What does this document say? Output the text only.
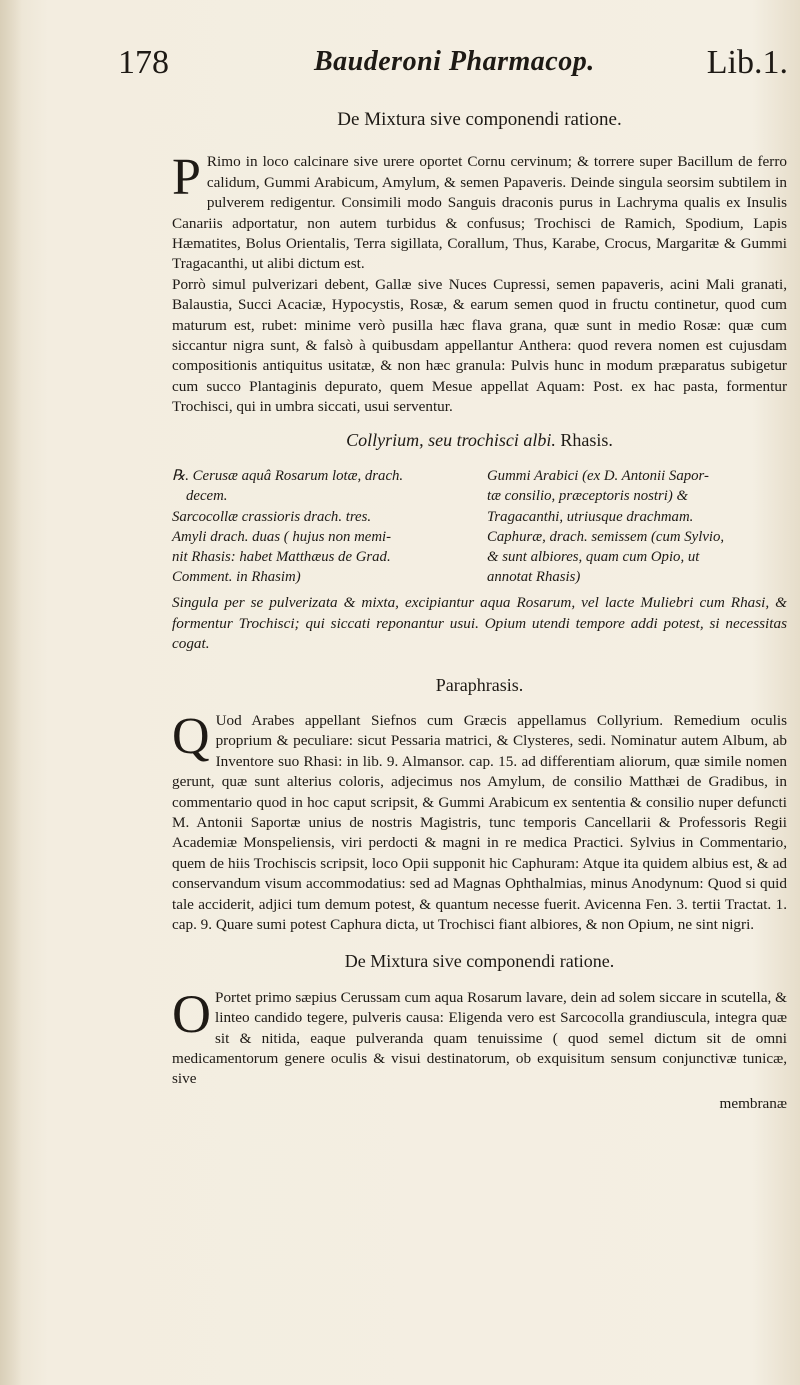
178	Bauderoni Pharmacop.	Lib.1.
De Mixtura sive componendi ratione.

P Rimo in loco calcinare sive urere oportet Cornu cervinum; & torrere super Bacillum de ferro calidum, Gummi Arabicum, Amylum, & semen Papaveris. Deinde singula seorsim subtilem in pulverem redigentur. Consimili modo Sanguis draconis purus in Lachryma qualis ex Insulis Canariis adportatur, non autem turbidus & confusus; Trochisci de Ramich, Spodium, Lapis Hæmatites, Bolus Orientalis, Terra sigillata, Corallum, Thus, Karabe, Crocus, Margaritæ & Gummi Tragacanthi, ut alibi dictum est.

Porrò simul pulverizari debent, Gallæ sive Nuces Cupressi, semen papaveris, acini Mali granati, Balaustia, Succi Acaciæ, Hypocystis, Rosæ, & earum semen quod in fructu continetur, quod cum maturum est, rubet: minime verò pusilla hæc flava grana, quæ sunt in medio Rosæ: quæ cum siccantur nigra sunt, & falsò à quibusdam appellantur Anthera: quod revera nomen est cujusdam compositionis antiquitus usitatæ, & non hæc granula: Pulvis hunc in modum præparatus subigetur cum succo Plantaginis depurato, quem Mesue appellat Aquam: Post. ex hac pasta, formentur Trochisci, qui in umbra siccati, usui serventur.

Collyrium, seu trochisci albi. Rhasis.
℞. Cerusæ aquâ Rosarum lotæ, drach.
decem.
Sarcocollæ crassioris drach. tres.
Amyli drach. duas ( hujus non memi-
nit Rhasis: habet Matthæus de Grad.
Comment. in Rhasim)
Gummi Arabici (ex D. Antonii Sapor-
tæ consilio, præceptoris nostri) &
Tragacanthi, utriusque drachmam.
Caphuræ, drach. semissem (cum Sylvio,
& sunt albiores, quam cum Opio, ut
annotat Rhasis)

Singula per se pulverizata & mixta, excipiantur aqua Rosarum, vel lacte Muliebri cum Rhasi, & formentur Trochisci; qui siccati reponantur usui. Opium utendi tempore addi potest, si necessitas cogat.

Paraphrasis.

Q Uod Arabes appellant Siefnos cum Græcis appellamus Collyrium. Remedium oculis proprium & peculiare: sicut Pessaria matrici, & Clysteres, sedi. Nominatur autem Album, ab Inventore suo Rhasi: in lib. 9. Almansor. cap. 15. ad differentiam aliorum, quæ simile nomen gerunt, quæ sunt alterius coloris, adjecimus nos Amylum, de consilio Matthæi de Gradibus, in commentario quod in hoc caput scripsit, & Gummi Arabicum ex sententia & consilio nuper defuncti M. Antonii Saportæ unius de nostris Magistris, tunc temporis Cancellarii & Professoris Regii Academiæ Monspeliensis, viri perdocti & magni in re medica Practici. Sylvius in Commentario, quem de hiis Trochiscis scripsit, loco Opii supponit hic Caphuram: Atque ita quidem albius est, & ad conservandum visum accommodatius: sed ad Magnas Ophthalmias, minus Anodynum: Quod si quid tale acciderit, adjici tum demum potest, & quantum necesse fuerit. Avicenna Fen. 3. tertii Tractat. 1. cap. 9. Quare sumi potest Caphura dicta, ut Trochisci fiant albiores, & non Opium, ne sint nigri.

De Mixtura sive componendi ratione.

O Portet primo sæpius Cerussam cum aqua Rosarum lavare, dein ad solem siccare in scutella, & linteo candido tegere, pulveris causa: Eligenda vero est Sarcocolla grandiuscula, integra quæ sit & nitida, eaque pulveranda quam tenuissime ( quod semel dictum sit de omni medicamentorum genere oculis & visui destinatorum, ob exquisitum sensum conjunctivæ tunicæ, sive

membranæ
